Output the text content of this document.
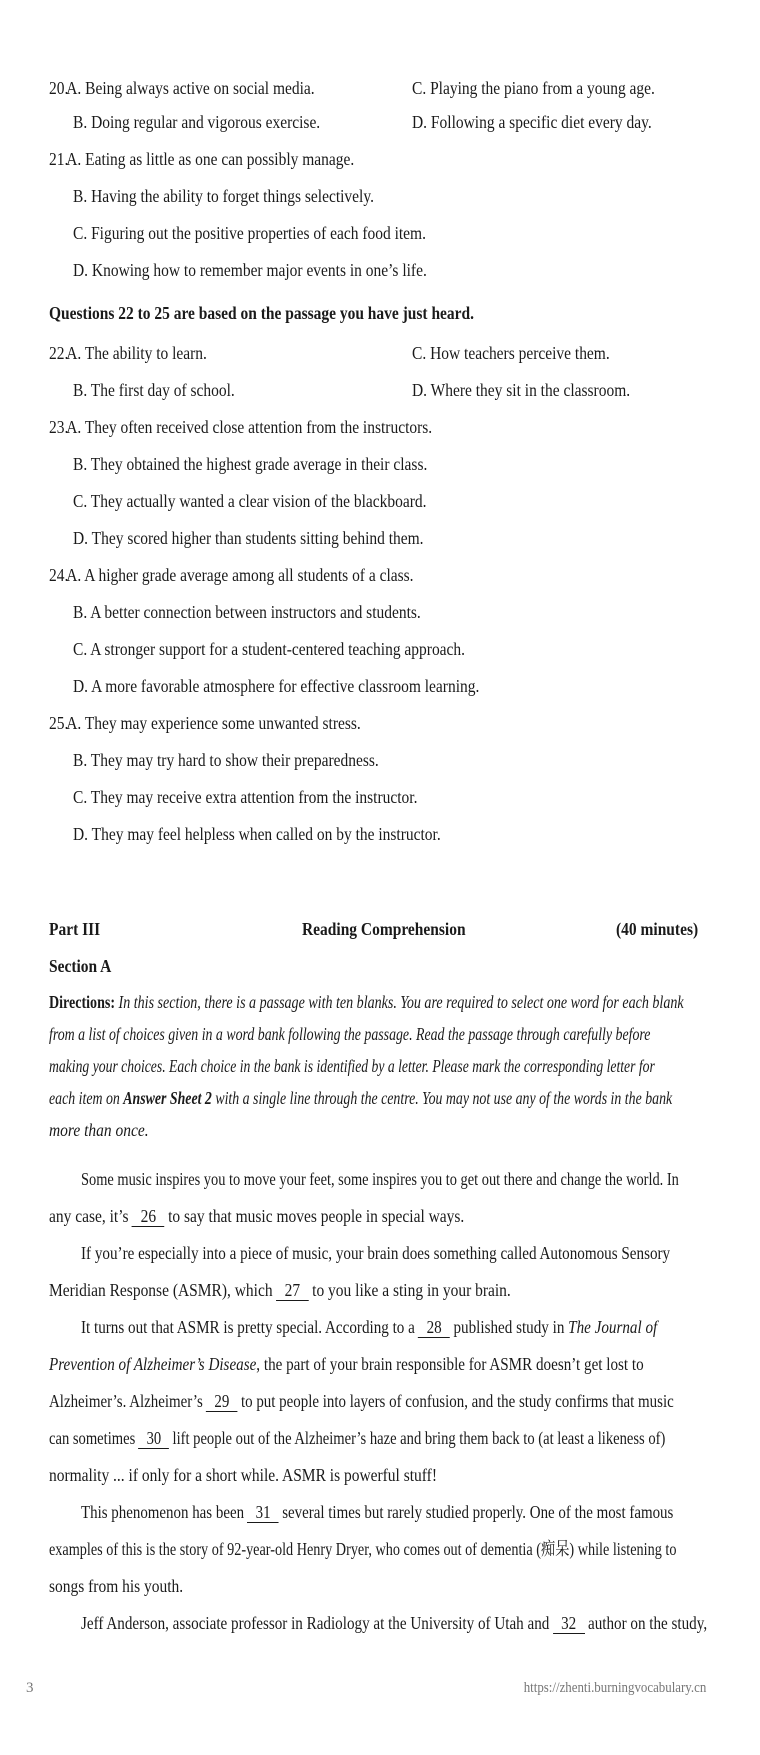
20.A. Being always active on social media.	C. Playing the piano from a young age.
B. Doing regular and vigorous exercise.	D. Following a specific diet every day.
21.A. Eating as little as one can possibly manage.
B. Having the ability to forget things selectively.
C. Figuring out the positive properties of each food item.
D. Knowing how to remember major events in one’s life.
Questions 22 to 25 are based on the passage you have just heard.
22.A. The ability to learn.	C. How teachers perceive them.
B. The first day of school.	D. Where they sit in the classroom.
23.A. They often received close attention from the instructors.
B. They obtained the highest grade average in their class.
C. They actually wanted a clear vision of the blackboard.
D. They scored higher than students sitting behind them.
24.A. A higher grade average among all students of a class.
B. A better connection between instructors and students.
C. A stronger support for a student-centered teaching approach.
D. A more favorable atmosphere for effective classroom learning.
25.A. They may experience some unwanted stress.
B. They may try hard to show their preparedness.
C. They may receive extra attention from the instructor.
D. They may feel helpless when called on by the instructor.
Part III	Reading Comprehension	(40 minutes)
Section A
Directions: In this section, there is a passage with ten blanks. You are required to select one word for each blank
from a list of choices given in a word bank following the passage. Read the passage through carefully before
making your choices. Each choice in the bank is identified by a letter. Please mark the corresponding letter for
each item on Answer Sheet 2 with a single line through the centre. You may not use any of the words in the bank
more than once.
Some music inspires you to move your feet, some inspires you to get out there and change the world. In
any case, it’s 26 to say that music moves people in special ways.
If you’re especially into a piece of music, your brain does something called Autonomous Sensory
Meridian Response (ASMR), which 27 to you like a sting in your brain.
It turns out that ASMR is pretty special. According to a 28 published study in The Journal of
Prevention of Alzheimer’s Disease, the part of your brain responsible for ASMR doesn’t get lost to
Alzheimer’s. Alzheimer’s 29 to put people into layers of confusion, and the study confirms that music
can sometimes 30 lift people out of the Alzheimer’s haze and bring them back to (at least a likeness of)
normality ... if only for a short while. ASMR is powerful stuff!
This phenomenon has been 31 several times but rarely studied properly. One of the most famous
examples of this is the story of 92-year-old Henry Dryer, who comes out of dementia (痴呆) while listening to
songs from his youth.
Jeff Anderson, associate professor in Radiology at the University of Utah and 32 author on the study,
3	https://zhenti.burningvocabulary.cn
